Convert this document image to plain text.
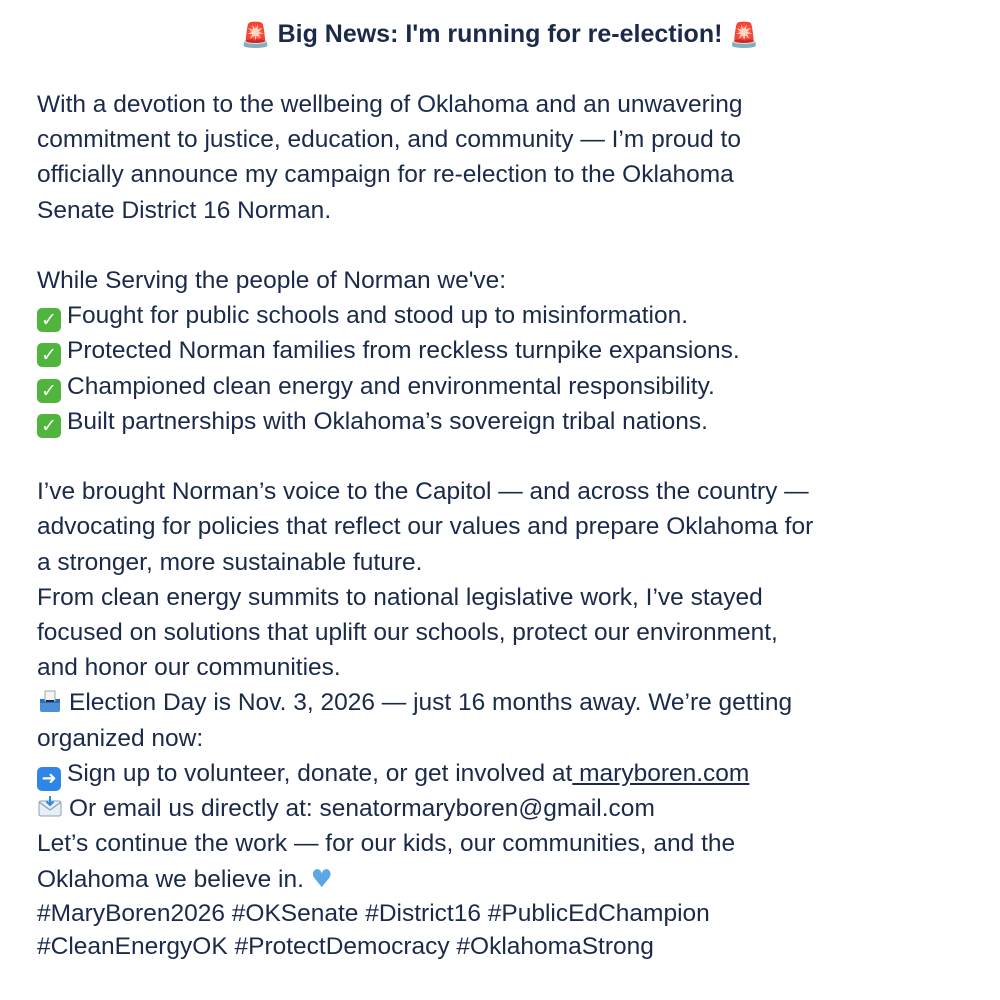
🚨 Big News: I'm running for re-election! 🚨
With a devotion to the wellbeing of Oklahoma and an unwavering
commitment to justice, education, and community — I’m proud to
officially announce my campaign for re-election to the Oklahoma
Senate District 16 Norman.
While Serving the people of Norman we've:
✓ Fought for public schools and stood up to misinformation.
✓ Protected Norman families from reckless turnpike expansions.
✓ Championed clean energy and environmental responsibility.
✓ Built partnerships with Oklahoma’s sovereign tribal nations.
I’ve brought Norman’s voice to the Capitol — and across the country —
advocating for policies that reflect our values and prepare Oklahoma for
a stronger, more sustainable future.
From clean energy summits to national legislative work, I’ve stayed
focused on solutions that uplift our schools, protect our environment,
and honor our communities.
Election Day is Nov. 3, 2026 — just 16 months away. We’re getting
organized now:
➜ Sign up to volunteer, donate, or get involved at maryboren.com
Or email us directly at: senatormaryboren@gmail.com
Let’s continue the work — for our kids, our communities, and the
Oklahoma we believe in. ♥
#MaryBoren2026 #OKSenate #District16 #PublicEdChampion
#CleanEnergyOK #ProtectDemocracy #OklahomaStrong
